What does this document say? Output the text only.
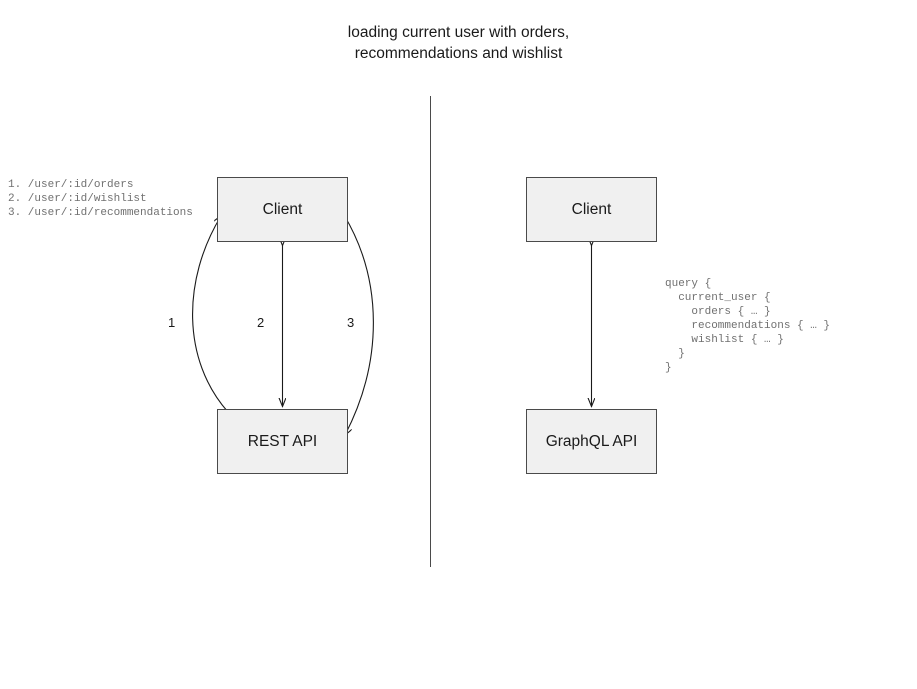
loading current user with orders,
recommendations and wishlist
Client
REST API
Client
GraphQL API
1	2	3
1. /user/:id/orders
2. /user/:id/wishlist
3. /user/:id/recommendations
query {
current_user {
orders { … }
recommendations { … }
wishlist { … }
}
}
